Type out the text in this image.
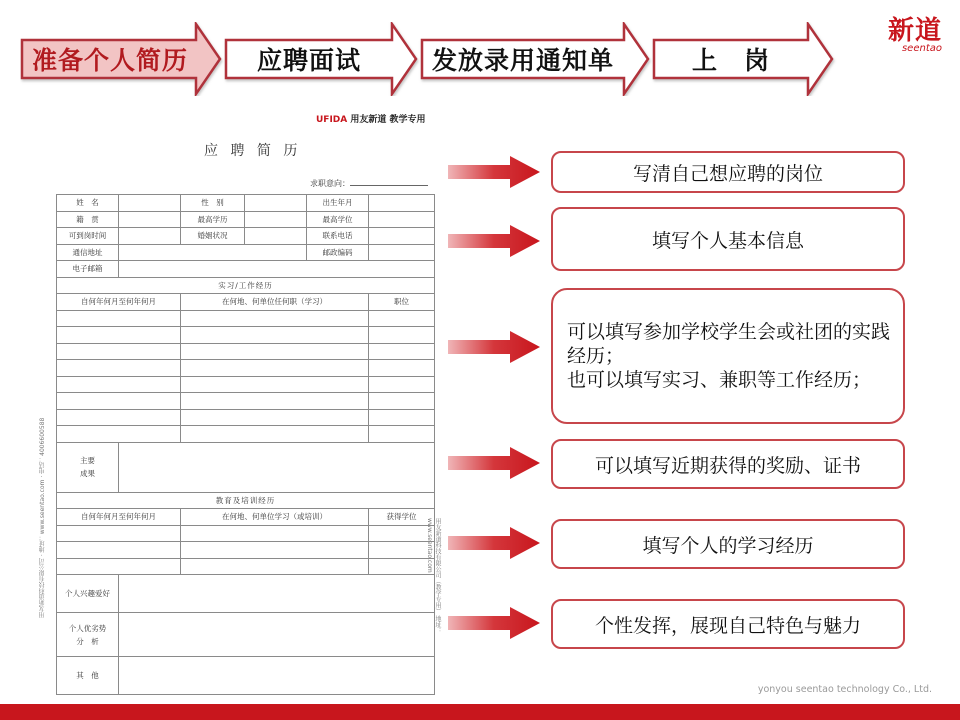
准备个人简历	应聘面试	发放录用通知单	上　岗
新道
seentao
UFIDA 用友新道 教学专用
应 聘 简 历
求职意向：
用友新道科技有限公司 · 地址：www.seentao.com · 电话：4006600588	用友新道科技有限公司（教学专用） 地址：www.seentao.com
姓　名		性　别		出生年月	
籍　贯		最高学历		最高学位	
可到岗时间		婚姻状况		联系电话	
通信地址				邮政编码	
电子邮箱					
实习/工作经历					
自何年何月至何年何月		在何地、何单位任何职（学习）			职位

主要
成果					
教育及培训经历					
自何年何月至何年何月		在何地、何单位学习（或培训）			获得学位

个人兴趣爱好					
个人优劣势
分　析					
其　他					
写清自己想应聘的岗位
填写个人基本信息
可以填写参加学校学生会或社团的实践经历；
也可以填写实习、兼职等工作经历；
可以填写近期获得的奖励、证书
填写个人的学习经历
个性发挥，展现自己特色与魅力
yonyou seentao technology Co., Ltd.
